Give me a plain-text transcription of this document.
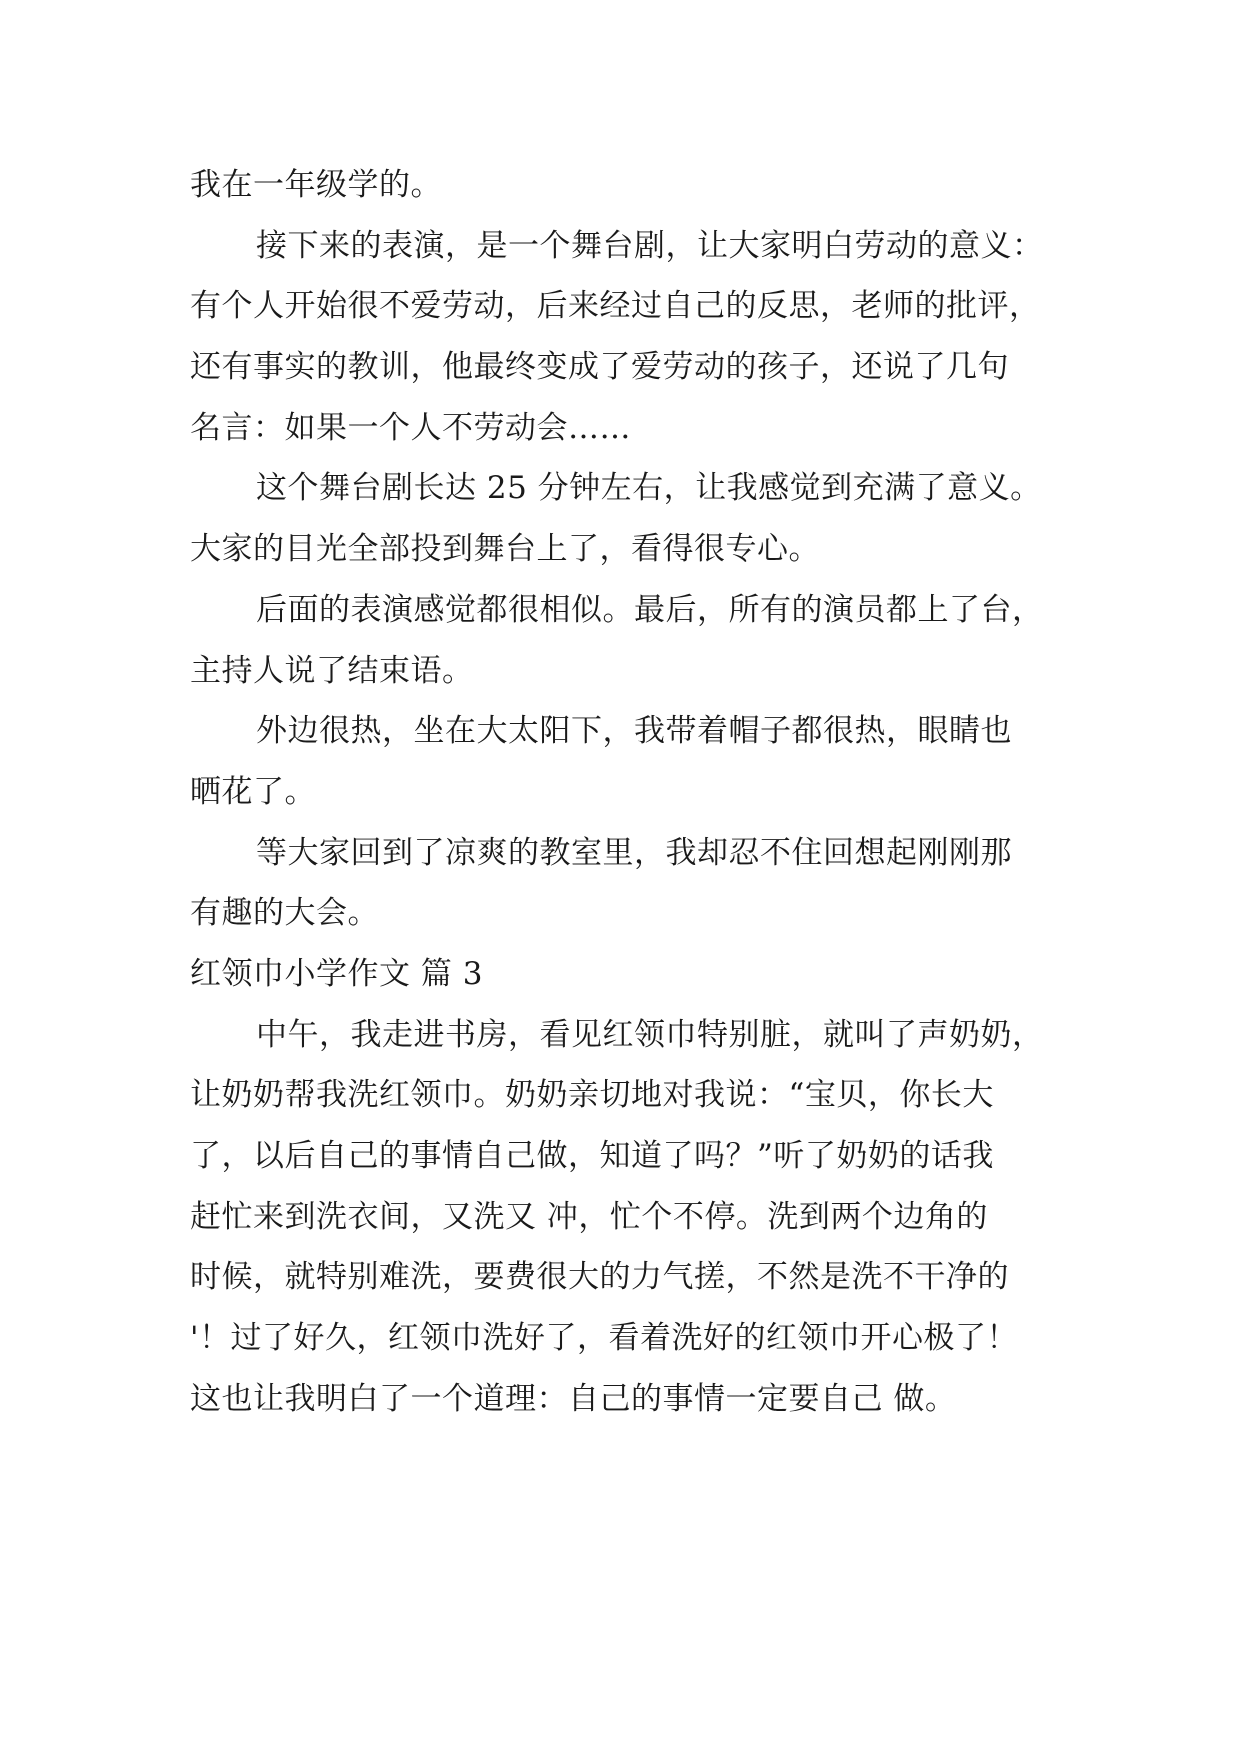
我在一年级学的。
接下来的表演，是一个舞台剧，让大家明白劳动的意义：
有个人开始很不爱劳动，后来经过自己的反思，老师的批评，
还有事实的教训，他最终变成了爱劳动的孩子，还说了几句
名言：如果一个人不劳动会……
这个舞台剧长达 25 分钟左右，让我感觉到充满了意义。
大家的目光全部投到舞台上了，看得很专心。
后面的表演感觉都很相似。最后，所有的演员都上了台，
主持人说了结束语。
外边很热，坐在大太阳下，我带着帽子都很热，眼睛也
晒花了。
等大家回到了凉爽的教室里，我却忍不住回想起刚刚那
有趣的大会。
红领巾小学作文 篇 3
中午，我走进书房，看见红领巾特别脏，就叫了声奶奶，
让奶奶帮我洗红领巾。奶奶亲切地对我说：“宝贝，你长大
了，以后自己的事情自己做，知道了吗？”听了奶奶的话我
赶忙来到洗衣间，又洗又 冲，忙个不停。洗到两个边角的
时候，就特别难洗，要费很大的力气搓，不然是洗不干净的
'！过了好久，红领巾洗好了，看着洗好的红领巾开心极了！
这也让我明白了一个道理：自己的事情一定要自己 做。
